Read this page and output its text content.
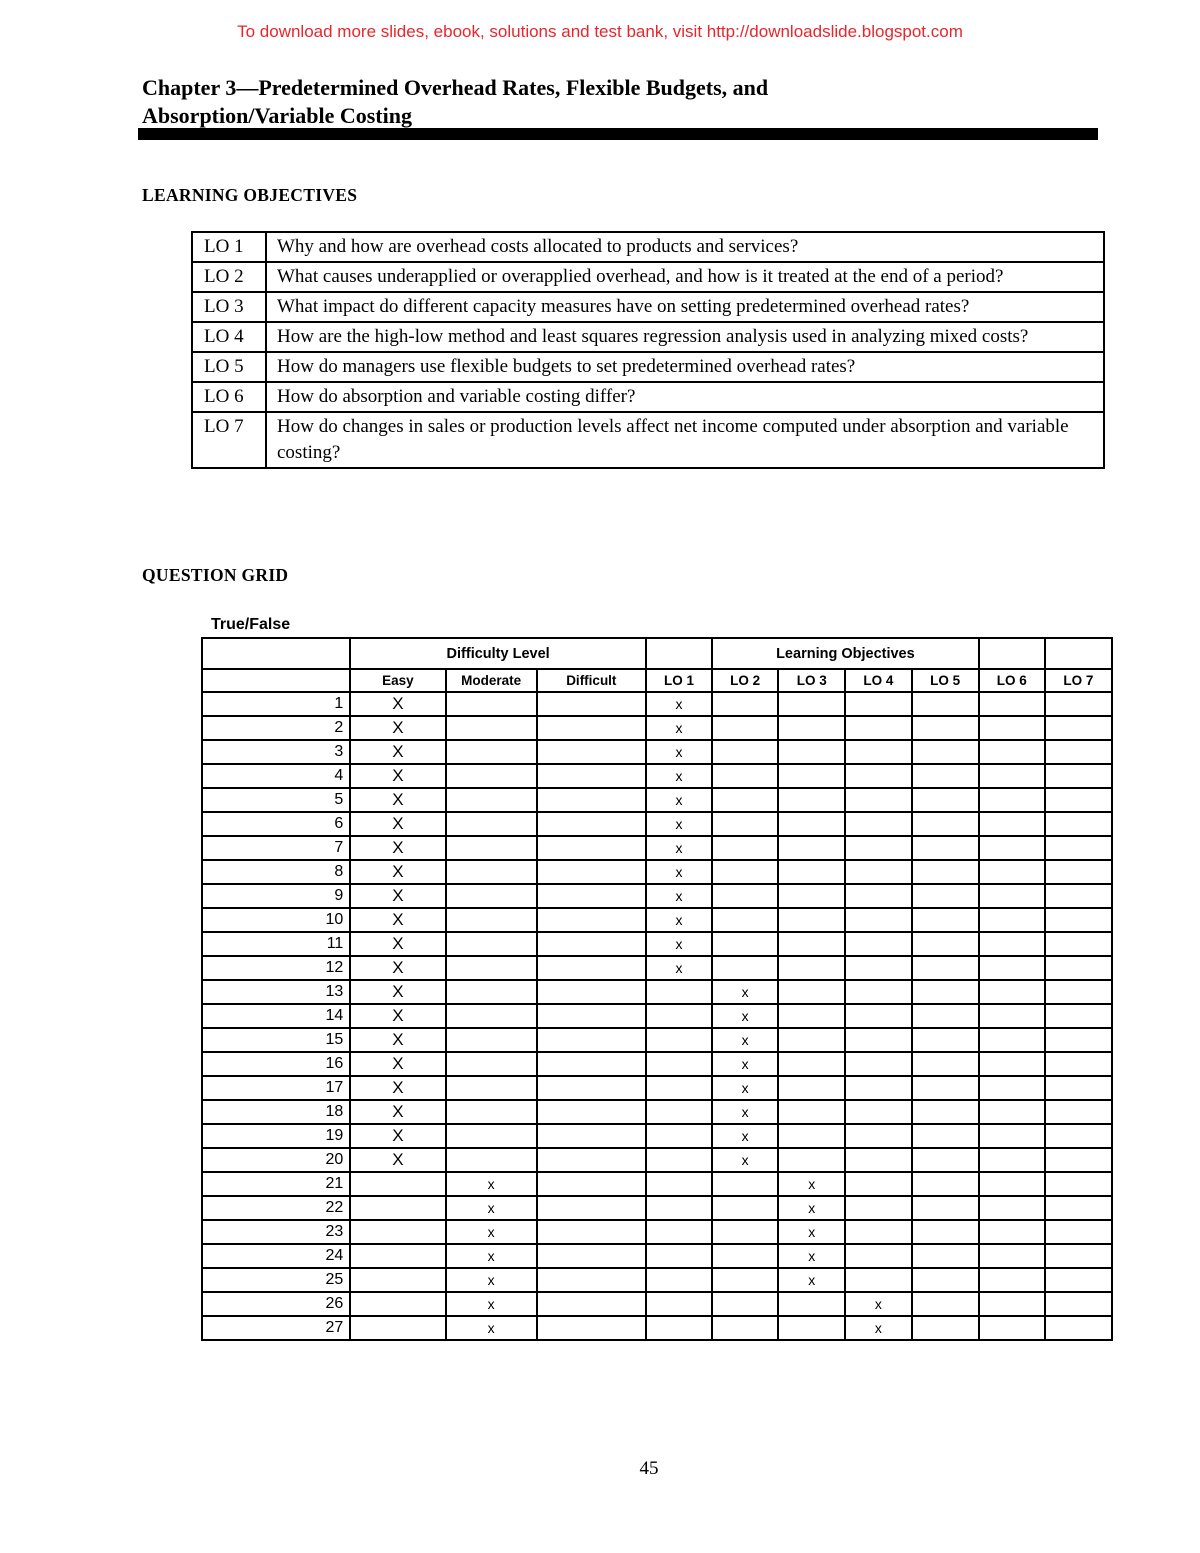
To download more slides, ebook, solutions and test bank, visit http://downloadslide.blogspot.com
Chapter 3—Predetermined Overhead Rates, Flexible Budgets, and
Absorption/Variable Costing
LEARNING OBJECTIVES
LO 1	Why and how are overhead costs allocated to products and services?
LO 2	What causes underapplied or overapplied overhead, and how is it treated at the end of a period?
LO 3	What impact do different capacity measures have on setting predetermined overhead rates?
LO 4	How are the high-low method and least squares regression analysis used in analyzing mixed costs?
LO 5	How do managers use flexible budgets to set predetermined overhead rates?
LO 6	How do absorption and variable costing differ?
LO 7	How do changes in sales or production levels affect net income computed under absorption and variable costing?
QUESTION GRID
True/False
	Difficulty Level				Learning Objectives					
	Easy	Moderate	Difficult	LO 1	LO 2	LO 3	LO 4	LO 5	LO 6	LO 7
1	X			x						
2	X			x						
3	X			x						
4	X			x						
5	X			x						
6	X			x						
7	X			x						
8	X			x						
9	X			x						
10	X			x						
11	X			x						
12	X			x						
13	X				x					
14	X				x					
15	X				x					
16	X				x					
17	X				x					
18	X				x					
19	X				x					
20	X				x					
21		x				x				
22		x				x				
23		x				x				
24		x				x				
25		x				x				
26		x					x			
27		x					x			
45
